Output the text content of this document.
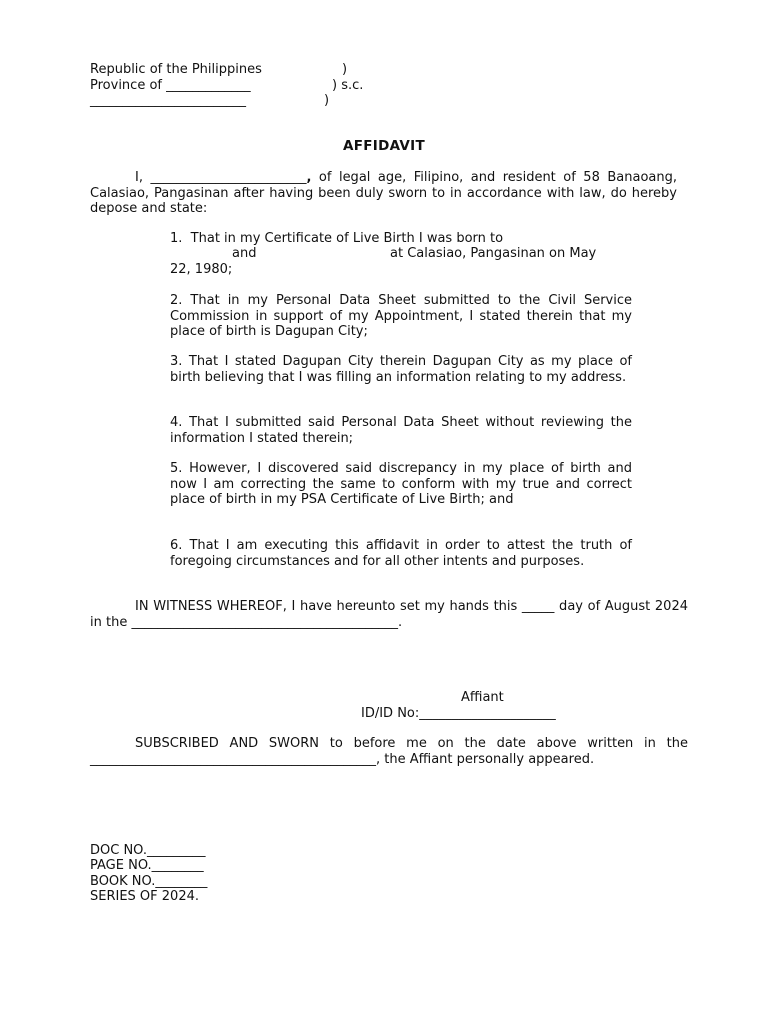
Republic of the Philippines	)
Province of _____________	) s.c.
________________________	)
AFFIDAVIT
I, ________________________, of legal age, Filipino, and resident of 58 Banaoang, Calasiao, Pangasinan after having been duly sworn to in accordance with law, do hereby depose and state:
1.  That in my Certificate of Live Birth I was born to
and	at Calasiao, Pangasinan on May
22, 1980;
2. That in my Personal Data Sheet submitted to the Civil Service Commission in support of my Appointment, I stated therein that my place of birth is Dagupan City;
3. That I stated Dagupan City therein Dagupan City as my place of birth believing that I was filling an information relating to my address.
4. That I submitted said Personal Data Sheet without reviewing the information I stated therein;
5. However, I discovered said discrepancy in my place of birth and now I am correcting the same to conform with my true and correct place of birth in my PSA Certificate of Live Birth; and
6. That I am executing this affidavit in order to attest the truth of foregoing circumstances and for all other intents and purposes.
IN WITNESS WHEREOF, I have hereunto set my hands this _____ day of August 2024 in the _________________________________________.
Affiant
ID/ID No:_____________________
SUBSCRIBED AND SWORN to before me on the date above written in the ____________________________________________, the Affiant personally appeared.
DOC NO._________
PAGE NO.________
BOOK NO.________
SERIES OF 2024.
